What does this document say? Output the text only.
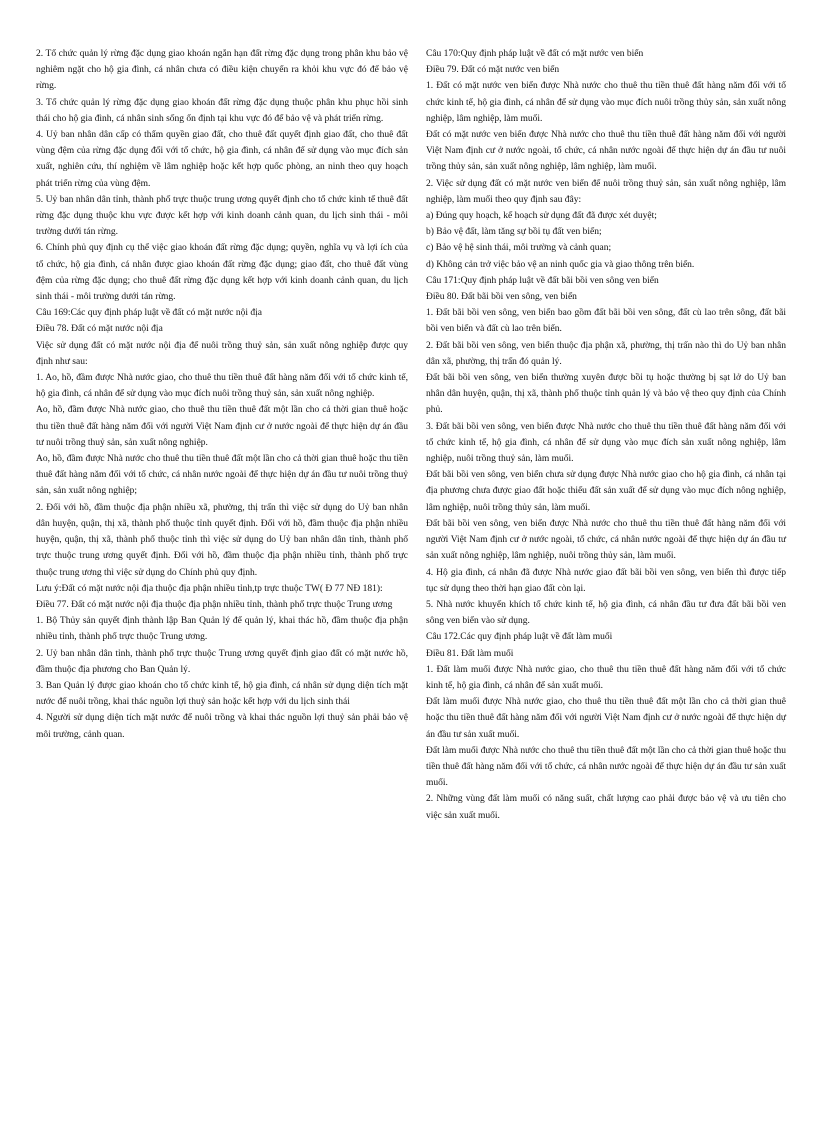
2. Tổ chức quản lý rừng đặc dụng giao khoán ngắn hạn đất rừng đặc dụng trong phân khu bảo vệ nghiêm ngặt cho hộ gia đình, cá nhân chưa có điều kiện chuyển ra khỏi khu vực đó để bảo vệ rừng.

3. Tổ chức quản lý rừng đặc dụng giao khoán đất rừng đặc dụng thuộc phân khu phục hồi sinh thái cho hộ gia đình, cá nhân sinh sống ổn định tại khu vực đó để bảo vệ và phát triển rừng.

4. Uỷ ban nhân dân cấp có thẩm quyền giao đất, cho thuê đất quyết định giao đất, cho thuê đất vùng đệm của rừng đặc dụng đối với tổ chức, hộ gia đình, cá nhân để sử dụng vào mục đích sản xuất, nghiên cứu, thí nghiệm về lâm nghiệp hoặc kết hợp quốc phòng, an ninh theo quy hoạch phát triển rừng của vùng đệm.

5. Uỷ ban nhân dân tỉnh, thành phố trực thuộc trung ương quyết định cho tổ chức kinh tế thuê đất rừng đặc dụng thuộc khu vực được kết hợp với kinh doanh cảnh quan, du lịch sinh thái - môi trường dưới tán rừng.

6. Chính phủ quy định cụ thể việc giao khoán đất rừng đặc dụng; quyền, nghĩa vụ và lợi ích của tổ chức, hộ gia đình, cá nhân được giao khoán đất rừng đặc dụng; giao đất, cho thuê đất vùng đệm của rừng đặc dụng; cho thuê đất rừng đặc dụng kết hợp với kinh doanh cảnh quan, du lịch sinh thái - môi trường dưới tán rừng.

Câu 169:Các quy định pháp luật về đất có mặt nước nội địa

Điều 78. Đất có mặt nước nội địa

Việc sử dụng đất có mặt nước nội địa để nuôi trồng thuỷ sản, sản xuất nông nghiệp được quy định như sau:

1. Ao, hồ, đầm được Nhà nước giao, cho thuê thu tiền thuê đất hàng năm đối với tổ chức kinh tế, hộ gia đình, cá nhân để sử dụng vào mục đích nuôi trồng thuỷ sản, sản xuất nông nghiệp.

Ao, hồ, đầm được Nhà nước giao, cho thuê thu tiền thuê đất một lần cho cả thời gian thuê hoặc thu tiền thuê đất hàng năm đối với người Việt Nam định cư ở nước ngoài để thực hiện dự án đầu tư nuôi trồng thuỷ sản, sản xuất nông nghiệp.

Ao, hồ, đầm được Nhà nước cho thuê thu tiền thuê đất một lần cho cả thời gian thuê hoặc thu tiền thuê đất hàng năm đối với tổ chức, cá nhân nước ngoài để thực hiện dự án đầu tư nuôi trồng thuỷ sản, sản xuất nông nghiệp;

2. Đối với hồ, đầm thuộc địa phận nhiều xã, phường, thị trấn thì việc sử dụng do Uỷ ban nhân dân huyện, quận, thị xã, thành phố thuộc tỉnh quyết định. Đối với hồ, đầm thuộc địa phận nhiều huyện, quận, thị xã, thành phố thuộc tỉnh thì việc sử dụng do Uỷ ban nhân dân tỉnh, thành phố trực thuộc trung ương quyết định. Đối với hồ, đầm thuộc địa phận nhiều tỉnh, thành phố trực thuộc trung ương thì việc sử dụng do Chính phủ quy định.

Lưu ý:Đất có mặt nước nội địa thuộc địa phận nhiều tỉnh,tp trực thuộc TW( Đ 77 NĐ 181):

Điều 77. Đất có mặt nước nội địa thuộc địa phận nhiều tỉnh, thành phố trực thuộc Trung ương

1. Bộ Thủy sản quyết định thành lập Ban Quản lý để quản lý, khai thác hồ, đầm thuộc địa phận nhiều tỉnh, thành phố trực thuộc Trung ương.

2. Uỷ ban nhân dân tỉnh, thành phố trực thuộc Trung ương quyết định giao đất có mặt nước hồ, đầm thuộc địa phương cho Ban Quản lý.

3. Ban Quản lý được giao khoán cho tổ chức kinh tế, hộ gia đình, cá nhân sử dụng diện tích mặt nước để nuôi trồng, khai thác nguồn lợi thuỷ sản hoặc kết hợp với du lịch sinh thái

4. Người sử dụng diện tích mặt nước để nuôi trồng và khai thác nguồn lợi thuỷ sản phải bảo vệ môi trường, cảnh quan.

Câu 170:Quy định pháp luật về đất có mặt nước ven biển

Điều 79. Đất có mặt nước ven biển

1. Đất có mặt nước ven biển được Nhà nước cho thuê thu tiền thuê đất hàng năm đối với tổ chức kinh tế, hộ gia đình, cá nhân để sử dụng vào mục đích nuôi trồng thủy sản, sản xuất nông nghiệp, lâm nghiệp, làm muối.

Đất có mặt nước ven biển được Nhà nước cho thuê thu tiền thuê đất hàng năm đối với người Việt Nam định cư ở nước ngoài, tổ chức, cá nhân nước ngoài để thực hiện dự án đầu tư nuôi trồng thủy sản, sản xuất nông nghiệp, lâm nghiệp, làm muối.

2. Việc sử dụng đất có mặt nước ven biển để nuôi trồng thuỷ sản, sản xuất nông nghiệp, lâm nghiệp, làm muối theo quy định sau đây:

a) Đúng quy hoạch, kế hoạch sử dụng đất đã được xét duyệt;

b) Bảo vệ đất, làm tăng sự bồi tụ đất ven biển;

c) Bảo vệ hệ sinh thái, môi trường và cảnh quan;

d) Không cản trở việc bảo vệ an ninh quốc gia và giao thông trên biển.

Câu 171:Quy định pháp luật về đất bãi bồi ven sông ven biển

Điều 80. Đất bãi bồi ven sông, ven biển

1. Đất bãi bồi ven sông, ven biển bao gồm đất bãi bồi ven sông, đất cù lao trên sông, đất bãi bồi ven biển và đất cù lao trên biển.

2. Đất bãi bồi ven sông, ven biển thuộc địa phận xã, phường, thị trấn nào thì do Uỷ ban nhân dân xã, phường, thị trấn đó quản lý.

Đất bãi bồi ven sông, ven biển thường xuyên được bồi tụ hoặc thường bị sạt lở do Uỷ ban nhân dân huyện, quận, thị xã, thành phố thuộc tỉnh quản lý và bảo vệ theo quy định của Chính phủ.

3. Đất bãi bồi ven sông, ven biển được Nhà nước cho thuê thu tiền thuê đất hàng năm đối với tổ chức kinh tế, hộ gia đình, cá nhân để sử dụng vào mục đích sản xuất nông nghiệp, lâm nghiệp, nuôi trồng thuỷ sản, làm muối.

Đất bãi bồi ven sông, ven biển chưa sử dụng được Nhà nước giao cho hộ gia đình, cá nhân tại địa phương chưa được giao đất hoặc thiếu đất sản xuất để sử dụng vào mục đích nông nghiệp, lâm nghiệp, nuôi trồng thủy sản, làm muối.

Đất bãi bồi ven sông, ven biển được Nhà nước cho thuê thu tiền thuê đất hàng năm đối với người Việt Nam định cư ở nước ngoài, tổ chức, cá nhân nước ngoài để thực hiện dự án đầu tư sản xuất nông nghiệp, lâm nghiệp, nuôi trồng thủy sản, làm muối.

4. Hộ gia đình, cá nhân đã được Nhà nước giao đất bãi bồi ven sông, ven biển thì được tiếp tục sử dụng theo thời hạn giao đất còn lại.

5. Nhà nước khuyến khích tổ chức kinh tế, hộ gia đình, cá nhân đầu tư đưa đất bãi bồi ven sông ven biển vào sử dụng.

Câu 172.Các quy định pháp luật về đất làm muối

Điều 81. Đất làm muối

1. Đất làm muối được Nhà nước giao, cho thuê thu tiền thuê đất hàng năm đối với tổ chức kinh tế, hộ gia đình, cá nhân để sản xuất muối.

Đất làm muối được Nhà nước giao, cho thuê thu tiền thuê đất một lần cho cả thời gian thuê hoặc thu tiền thuê đất hàng năm đối với người Việt Nam định cư ở nước ngoài để thực hiện dự án đầu tư sản xuất muối.

Đất làm muối được Nhà nước cho thuê thu tiền thuê đất một lần cho cả thời gian thuê hoặc thu tiền thuê đất hàng năm đối với tổ chức, cá nhân nước ngoài để thực hiện dự án đầu tư sản xuất muối.

2. Những vùng đất làm muối có năng suất, chất lượng cao phải được bảo vệ và ưu tiên cho việc sản xuất muối.
